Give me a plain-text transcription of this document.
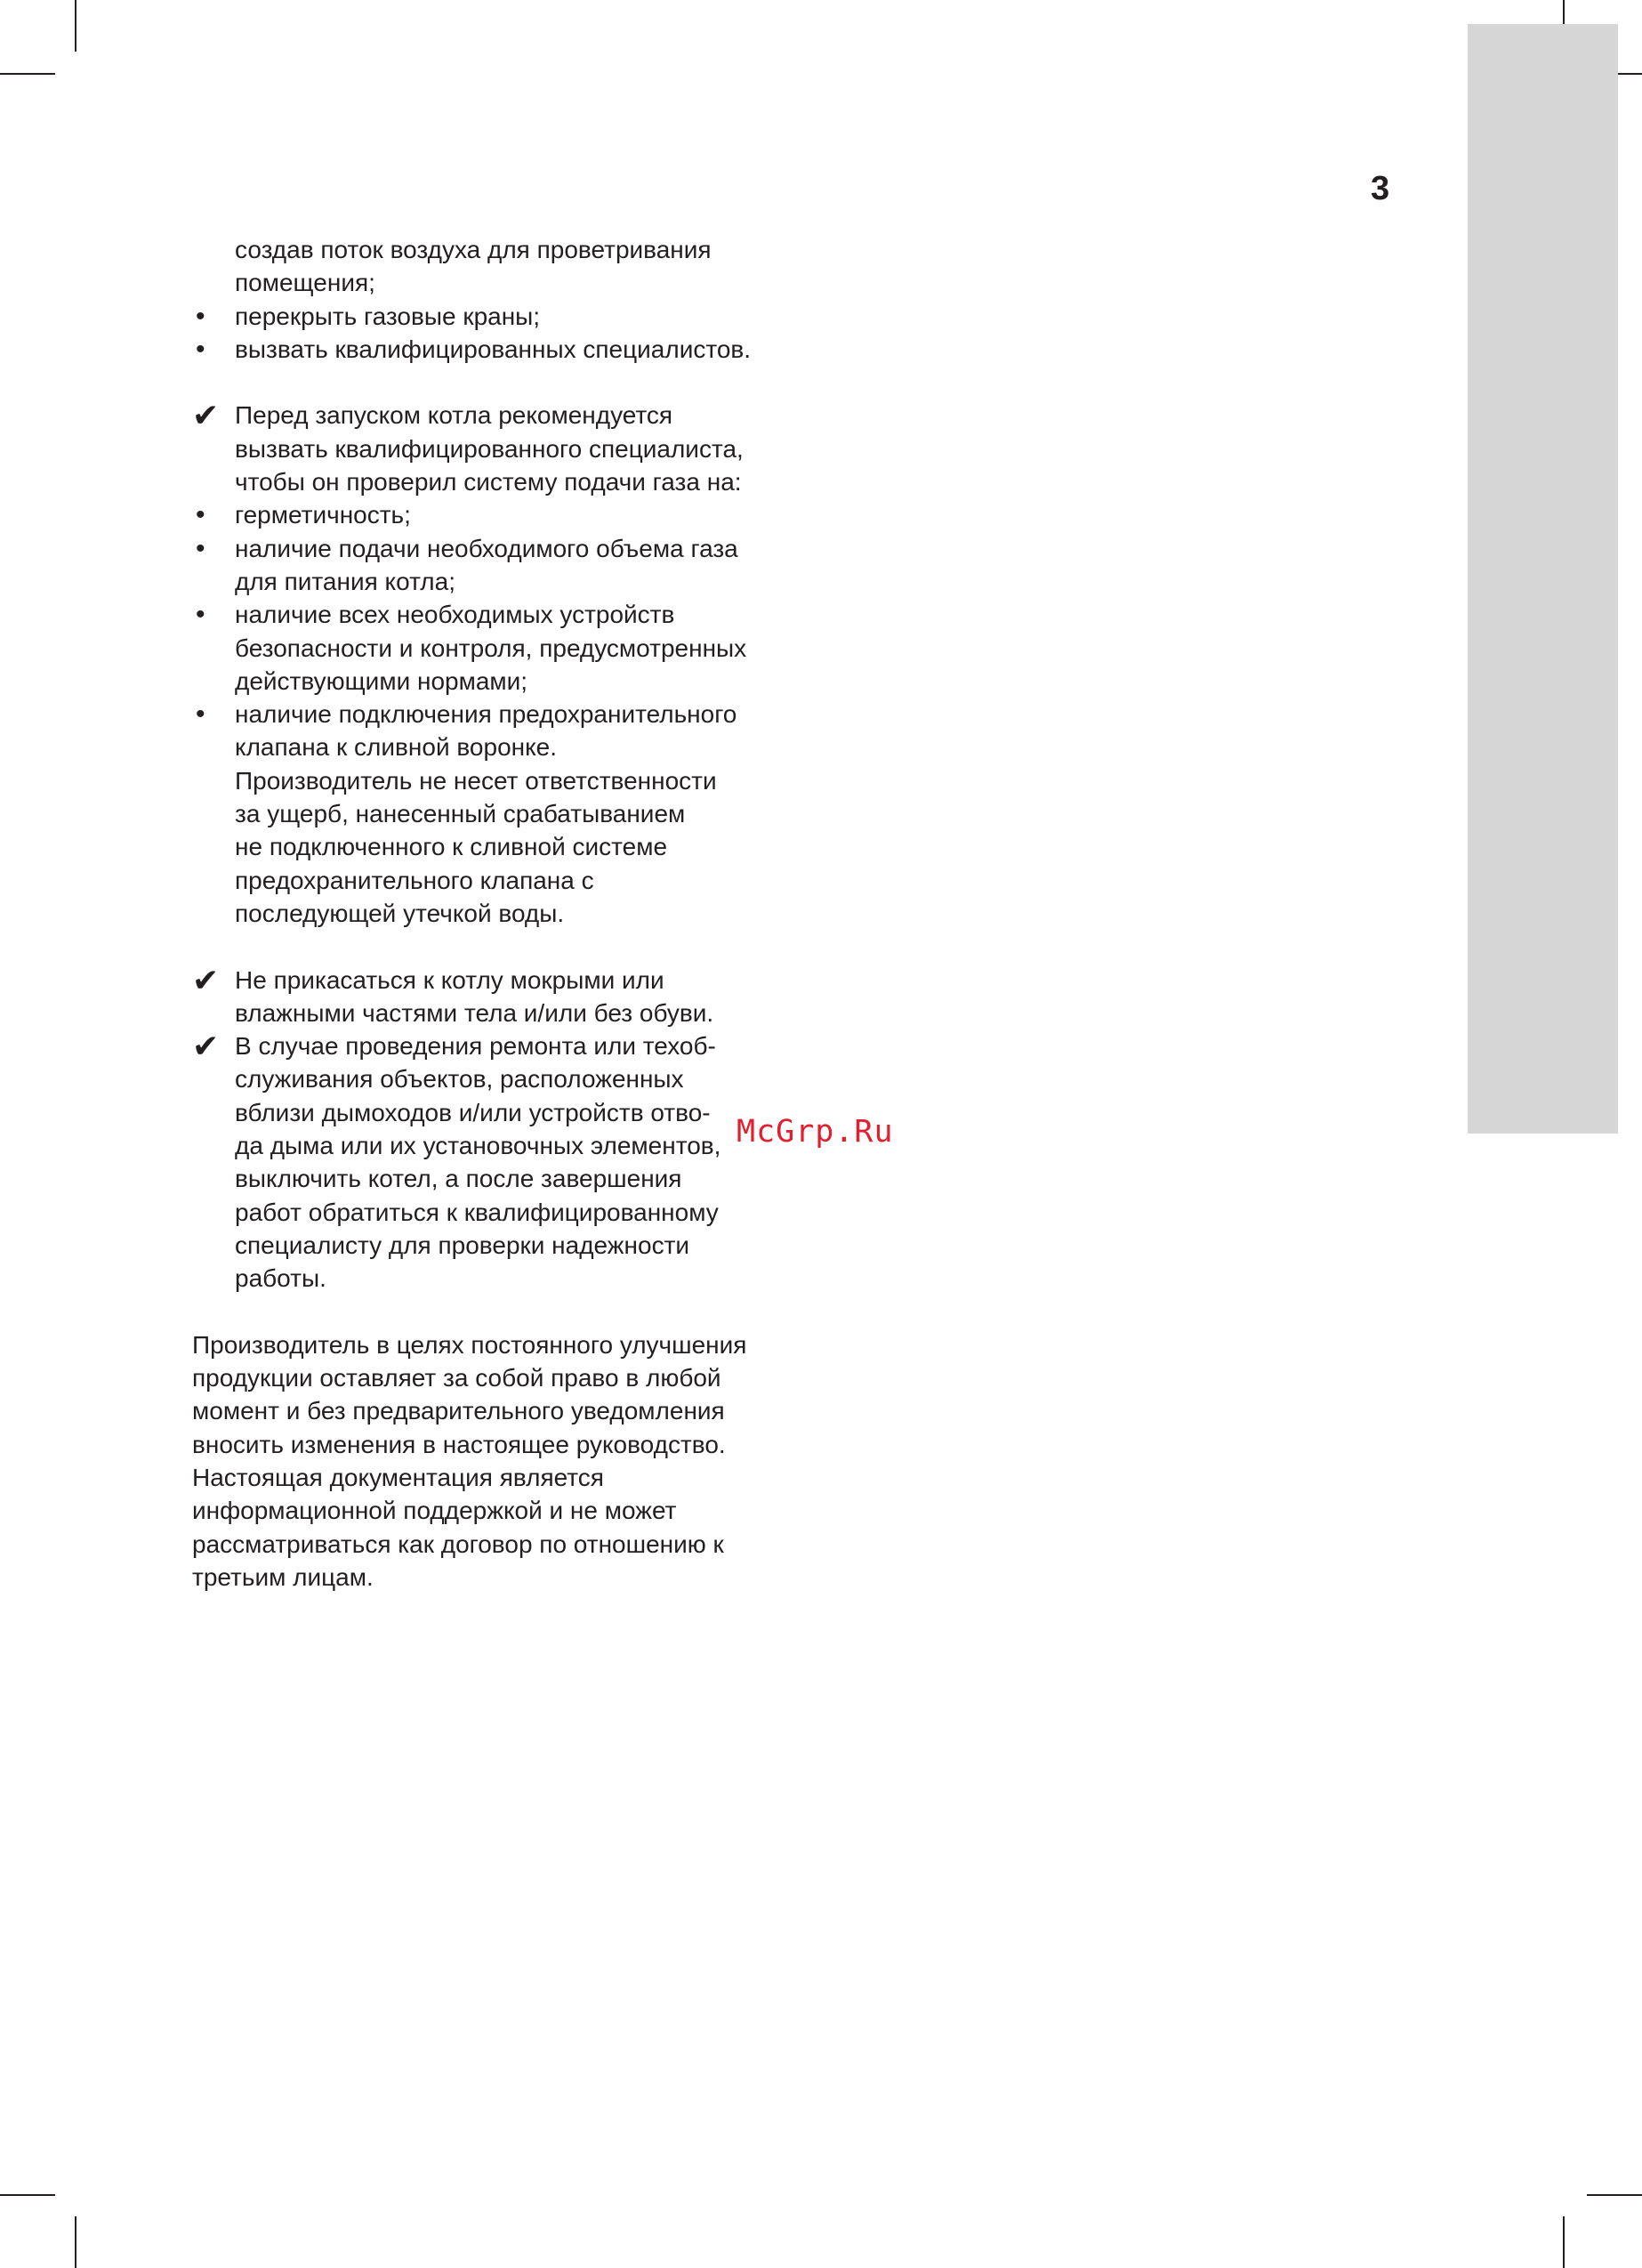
3
создав поток воздуха для проветривания
помещения;
•	перекрыть газовые краны;
•	вызвать квалифицированных специалистов.
✔ Перед запуском котла рекомендуется
вызвать квалифицированного специалиста,
чтобы он проверил систему подачи газа на:
•	герметичность;
•	наличие подачи необходимого объема газа
для питания котла;
•	наличие всех необходимых устройств
безопасности и контроля, предусмотренных
действующими нормами;
•	наличие подключения предохранительного
клапана к сливной воронке.
Производитель не несет ответственности
за ущерб, нанесенный срабатыванием
не подключенного к сливной системе
предохранительного клапана с
последующей утечкой воды.
✔ Не прикасаться к котлу мокрыми или
влажными частями тела и/или без обуви.
✔ В случае проведения ремонта или техоб-
служивания объектов, расположенных
вблизи дымоходов и/или устройств отво-
да дыма или их установочных элементов,
выключить котел, а после завершения
работ обратиться к квалифицированному
специалисту для проверки надежности
работы.
Производитель в целях постоянного улучшения
продукции оставляет за собой право в любой
момент и без предварительного уведомления
вносить изменения в настоящее руководство.
Настоящая документация является
информационной поддержкой и не может
рассматриваться как договор по отношению к
третьим лицам.
McGrp.Ru
